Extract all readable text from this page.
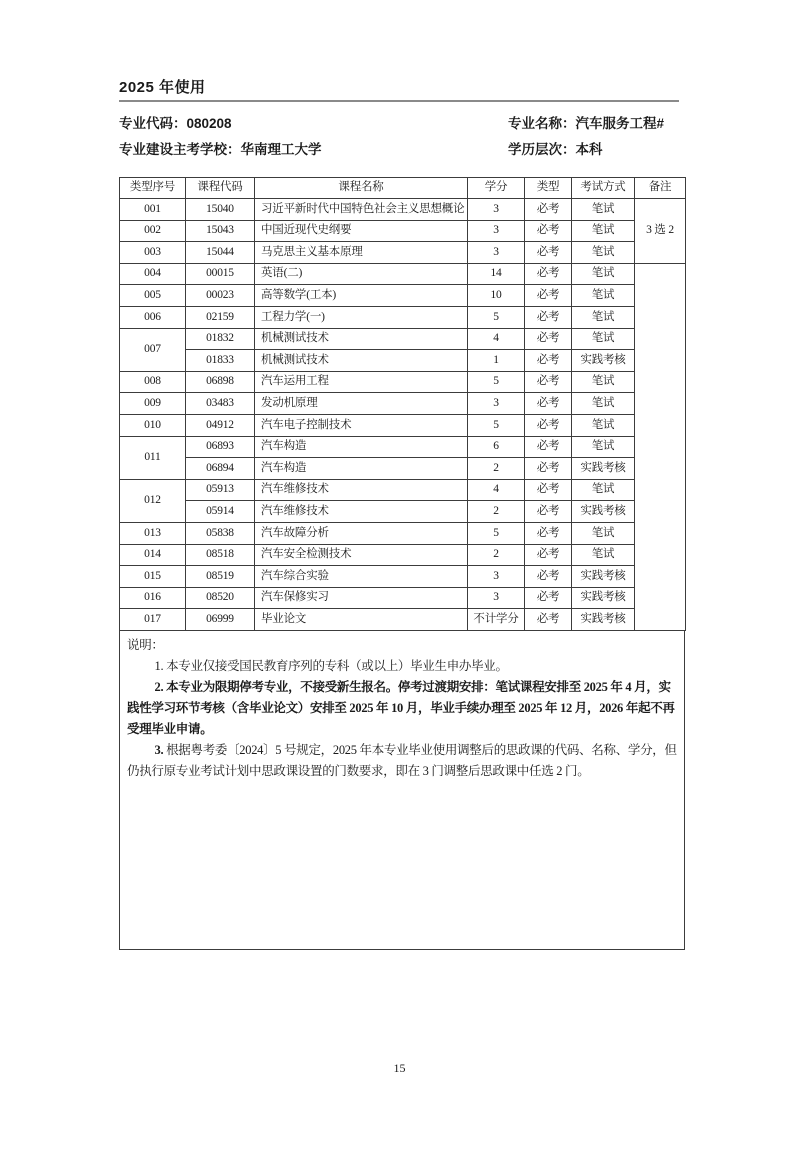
2025 年使用
专业代码：080208
专业建设主考学校：华南理工大学
专业名称：汽车服务工程#
学历层次：本科
类型序号	课程代码	课程名称	学分	类型	考试方式	备注
001	15040	习近平新时代中国特色社会主义思想概论	3	必考	笔试	3 选 2
002	15043	中国近现代史纲要	3	必考	笔试	
003	15044	马克思主义基本原理	3	必考	笔试	
004	00015	英语(二)	14	必考	笔试	
005	00023	高等数学(工本)	10	必考	笔试	
006	02159	工程力学(一)	5	必考	笔试	
007	01832	机械测试技术	4	必考	笔试	
	01833	机械测试技术	1	必考	实践考核	
008	06898	汽车运用工程	5	必考	笔试	
009	03483	发动机原理	3	必考	笔试	
010	04912	汽车电子控制技术	5	必考	笔试	
011	06893	汽车构造	6	必考	笔试	
	06894	汽车构造	2	必考	实践考核	
012	05913	汽车维修技术	4	必考	笔试	
	05914	汽车维修技术	2	必考	实践考核	
013	05838	汽车故障分析	5	必考	笔试	
014	08518	汽车安全检测技术	2	必考	笔试	
015	08519	汽车综合实验	3	必考	实践考核	
016	08520	汽车保修实习	3	必考	实践考核	
017	06999	毕业论文	不计学分	必考	实践考核	

说明：

1. 本专业仅接受国民教育序列的专科（或以上）毕业生申办毕业。

2. 本专业为限期停考专业，不接受新生报名。停考过渡期安排：笔试课程安排至 2025 年 4 月，实践性学习环节考核（含毕业论文）安排至 2025 年 10 月，毕业手续办理至 2025 年 12 月，2026 年起不再受理毕业申请。

3. 根据粤考委〔2024〕5 号规定，2025 年本专业毕业使用调整后的思政课的代码、名称、学分，但仍执行原专业考试计划中思政课设置的门数要求，即在 3 门调整后思政课中任选 2 门。

15
